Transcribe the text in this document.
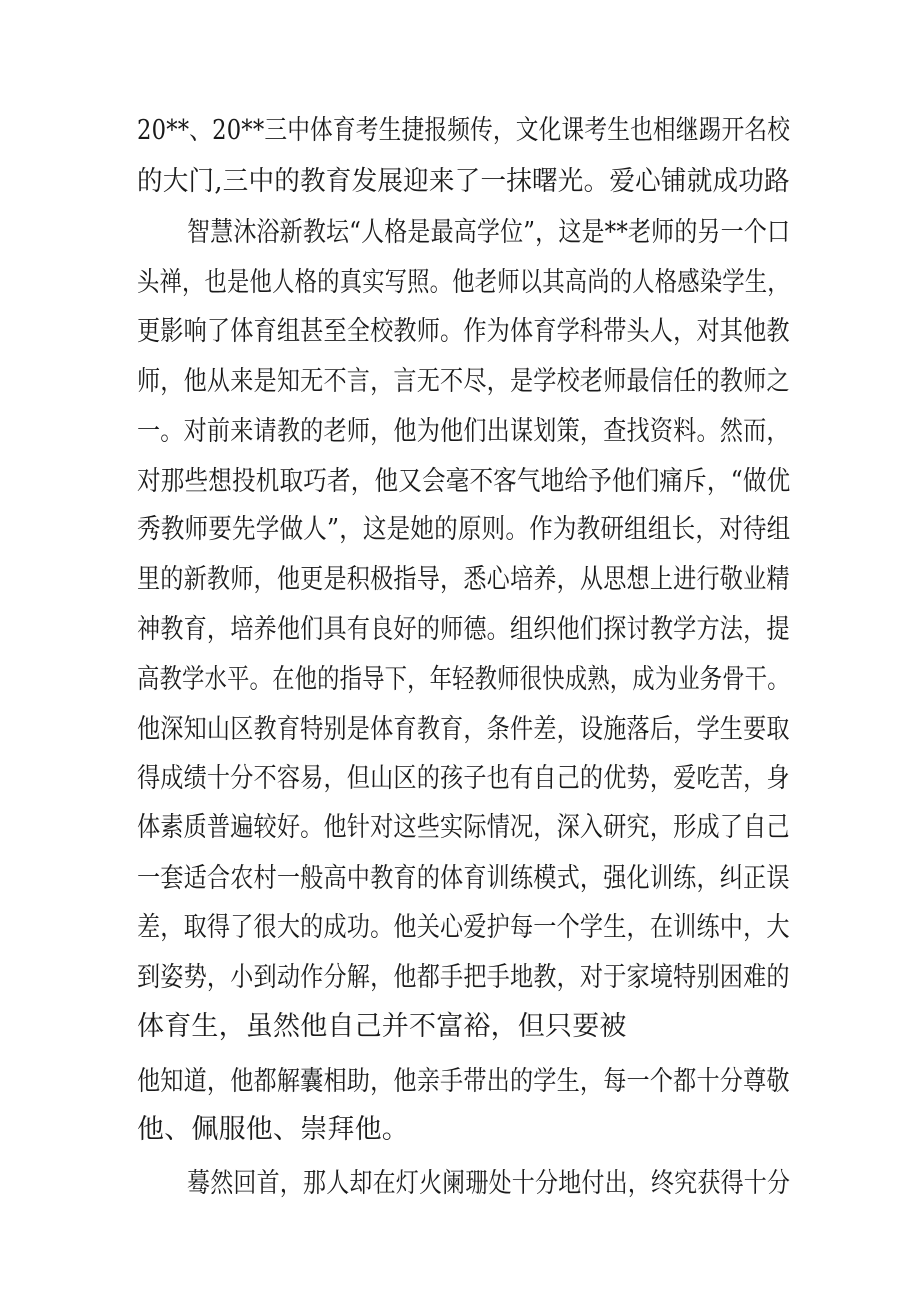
20**、20**三中体育考生捷报频传，文化课考生也相继踢开名校
的大门,三中的教育发展迎来了一抹曙光。爱心铺就成功路
智慧沐浴新教坛“人格是最高学位”，这是**老师的另一个口
头禅，也是他人格的真实写照。他老师以其高尚的人格感染学生，
更影响了体育组甚至全校教师。作为体育学科带头人，对其他教
师，他从来是知无不言，言无不尽，是学校老师最信任的教师之
一。对前来请教的老师，他为他们出谋划策，查找资料。然而，
对那些想投机取巧者，他又会毫不客气地给予他们痛斥，“做优
秀教师要先学做人”，这是她的原则。作为教研组组长，对待组
里的新教师，他更是积极指导，悉心培养，从思想上进行敬业精
神教育，培养他们具有良好的师德。组织他们探讨教学方法，提
高教学水平。在他的指导下，年轻教师很快成熟，成为业务骨干。
他深知山区教育特别是体育教育，条件差，设施落后，学生要取
得成绩十分不容易，但山区的孩子也有自己的优势，爱吃苦，身
体素质普遍较好。他针对这些实际情况，深入研究，形成了自己
一套适合农村一般高中教育的体育训练模式，强化训练，纠正误
差，取得了很大的成功。他关心爱护每一个学生，在训练中，大
到姿势，小到动作分解，他都手把手地教，对于家境特别困难的
体育生，虽然他自己并不富裕，但只要被
他知道，他都解囊相助，他亲手带出的学生，每一个都十分尊敬
他、佩服他、崇拜他。
蓦然回首，那人却在灯火阑珊处十分地付出，终究获得十分
